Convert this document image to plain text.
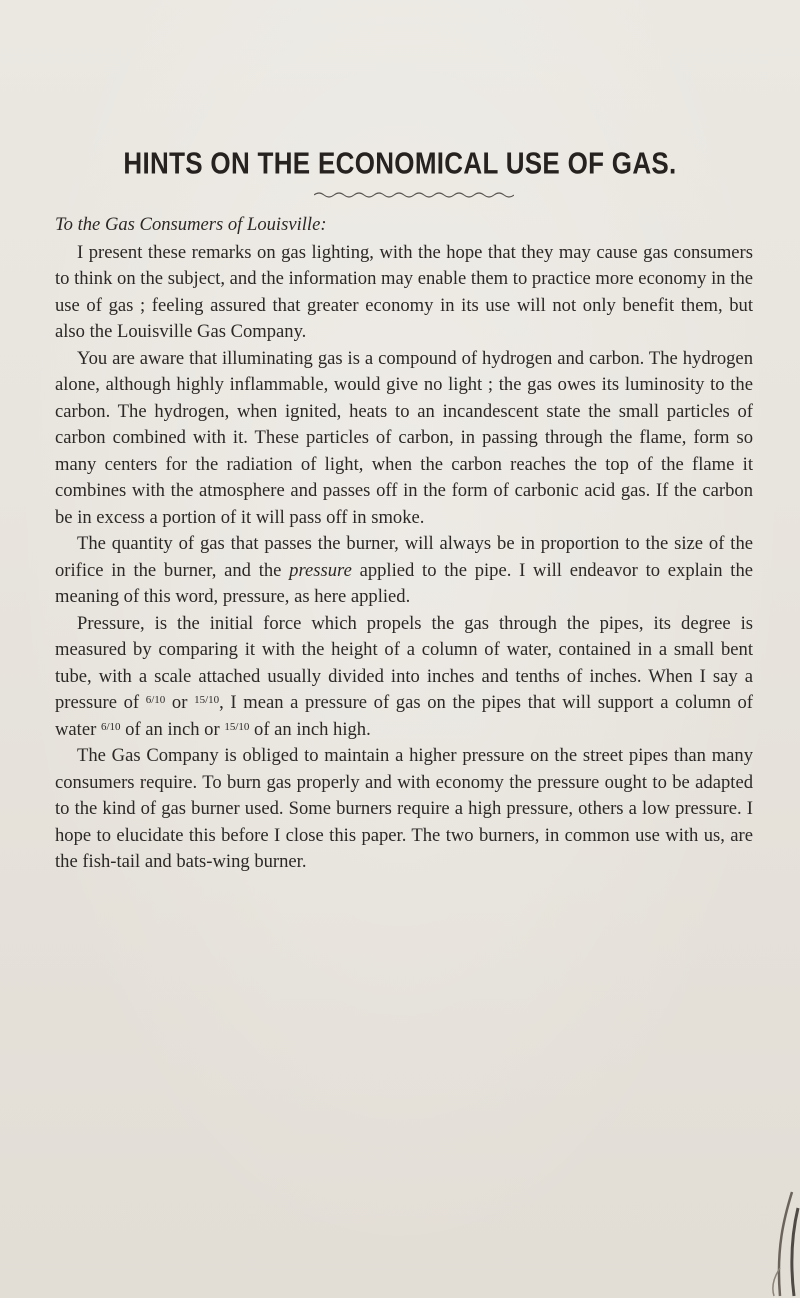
HINTS ON THE ECONOMICAL USE OF GAS.
To the Gas Consumers of Louisville:

I present these remarks on gas lighting, with the hope that they may cause gas consumers to think on the subject, and the information may enable them to practice more economy in the use of gas ; feeling assured that greater economy in its use will not only benefit them, but also the Louisville Gas Company.

You are aware that illuminating gas is a compound of hydrogen and carbon. The hydrogen alone, although highly inflammable, would give no light ; the gas owes its luminosity to the carbon. The hydrogen, when ignited, heats to an incandescent state the small particles of carbon combined with it. These particles of carbon, in passing through the flame, form so many centers for the radiation of light, when the carbon reaches the top of the flame it combines with the atmosphere and passes off in the form of carbonic acid gas. If the carbon be in excess a portion of it will pass off in smoke.

The quantity of gas that passes the burner, will always be in proportion to the size of the orifice in the burner, and the pressure applied to the pipe. I will endeavor to explain the meaning of this word, pressure, as here applied.

Pressure, is the initial force which propels the gas through the pipes, its degree is measured by comparing it with the height of a column of water, contained in a small bent tube, with a scale attached usually divided into inches and tenths of inches. When I say a pressure of $^{6/10}$ or $^{15/10}$, I mean a pressure of gas on the pipes that will support a column of water $^{6/10}$ of an inch or $^{15/10}$ of an inch high.

The Gas Company is obliged to maintain a higher pressure on the street pipes than many consumers require. To burn gas properly and with economy the pressure ought to be adapted to the kind of gas burner used. Some burners require a high pressure, others a low pressure. I hope to elucidate this before I close this paper. The two burners, in common use with us, are the fish-tail and bats-wing burner.
